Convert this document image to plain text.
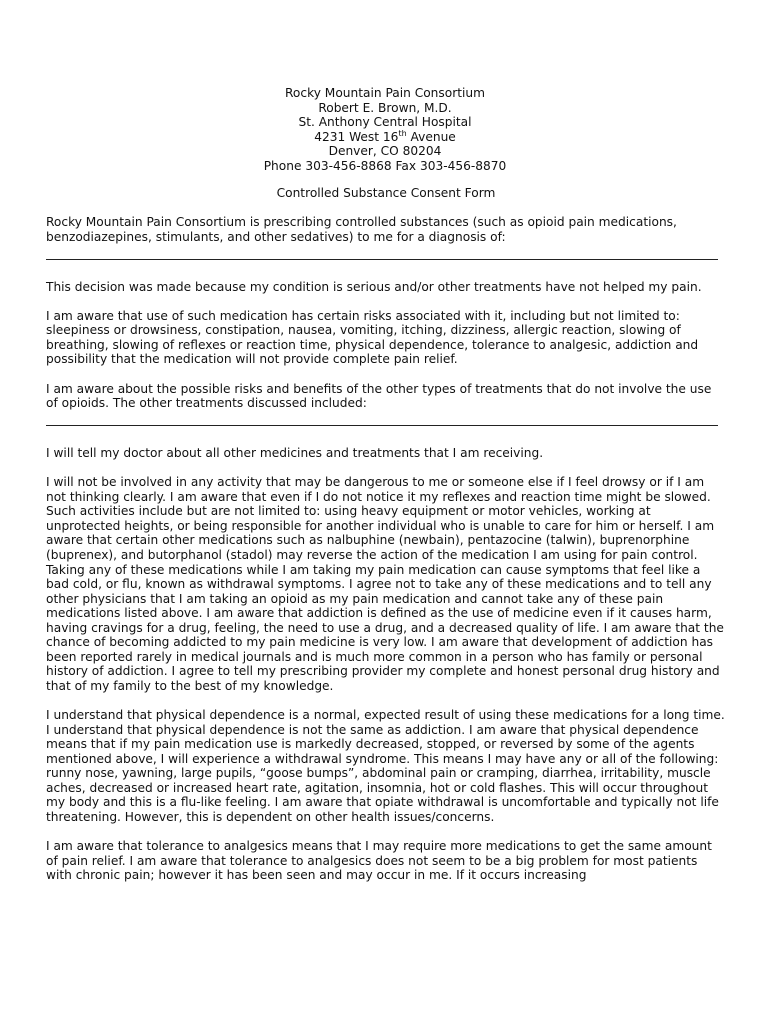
Rocky Mountain Pain Consortium
Robert E. Brown, M.D.
St. Anthony Central Hospital
4231 West 16th Avenue
Denver, CO 80204
Phone 303-456-8868 Fax 303-456-8870
Controlled Substance Consent Form

Rocky Mountain Pain Consortium is prescribing controlled substances (such as opioid pain medications, benzodiazepines, stimulants, and other sedatives) to me for a diagnosis of:

This decision was made because my condition is serious and/or other treatments have not helped my pain.

I am aware that use of such medication has certain risks associated with it, including but not limited to: sleepiness or drowsiness, constipation, nausea, vomiting, itching, dizziness, allergic reaction, slowing of breathing, slowing of reflexes or reaction time, physical dependence, tolerance to analgesic, addiction and possibility that the medication will not provide complete pain relief.

I am aware about the possible risks and benefits of the other types of treatments that do not involve the use of opioids. The other treatments discussed included:

I will tell my doctor about all other medicines and treatments that I am receiving.

I will not be involved in any activity that may be dangerous to me or someone else if I feel drowsy or if I am not thinking clearly. I am aware that even if I do not notice it my reflexes and reaction time might be slowed. Such activities include but are not limited to: using heavy equipment or motor vehicles, working at unprotected heights, or being responsible for another individual who is unable to care for him or herself. I am aware that certain other medications such as nalbuphine (newbain), pentazocine (talwin), buprenorphine (buprenex), and butorphanol (stadol) may reverse the action of the medication I am using for pain control. Taking any of these medications while I am taking my pain medication can cause symptoms that feel like a bad cold, or flu, known as withdrawal symptoms. I agree not to take any of these medications and to tell any other physicians that I am taking an opioid as my pain medication and cannot take any of these pain medications listed above. I am aware that addiction is defined as the use of medicine even if it causes harm, having cravings for a drug, feeling, the need to use a drug, and a decreased quality of life. I am aware that the chance of becoming addicted to my pain medicine is very low. I am aware that development of addiction has been reported rarely in medical journals and is much more common in a person who has family or personal history of addiction. I agree to tell my prescribing provider my complete and honest personal drug history and that of my family to the best of my knowledge.

I understand that physical dependence is a normal, expected result of using these medications for a long time. I understand that physical dependence is not the same as addiction. I am aware that physical dependence means that if my pain medication use is markedly decreased, stopped, or reversed by some of the agents mentioned above, I will experience a withdrawal syndrome. This means I may have any or all of the following: runny nose, yawning, large pupils, “goose bumps”, abdominal pain or cramping, diarrhea, irritability, muscle aches, decreased or increased heart rate, agitation, insomnia, hot or cold flashes. This will occur throughout my body and this is a flu-like feeling. I am aware that opiate withdrawal is uncomfortable and typically not life threatening. However, this is dependent on other health issues/concerns.

I am aware that tolerance to analgesics means that I may require more medications to get the same amount of pain relief. I am aware that tolerance to analgesics does not seem to be a big problem for most patients with chronic pain; however it has been seen and may occur in me. If it occurs increasing
